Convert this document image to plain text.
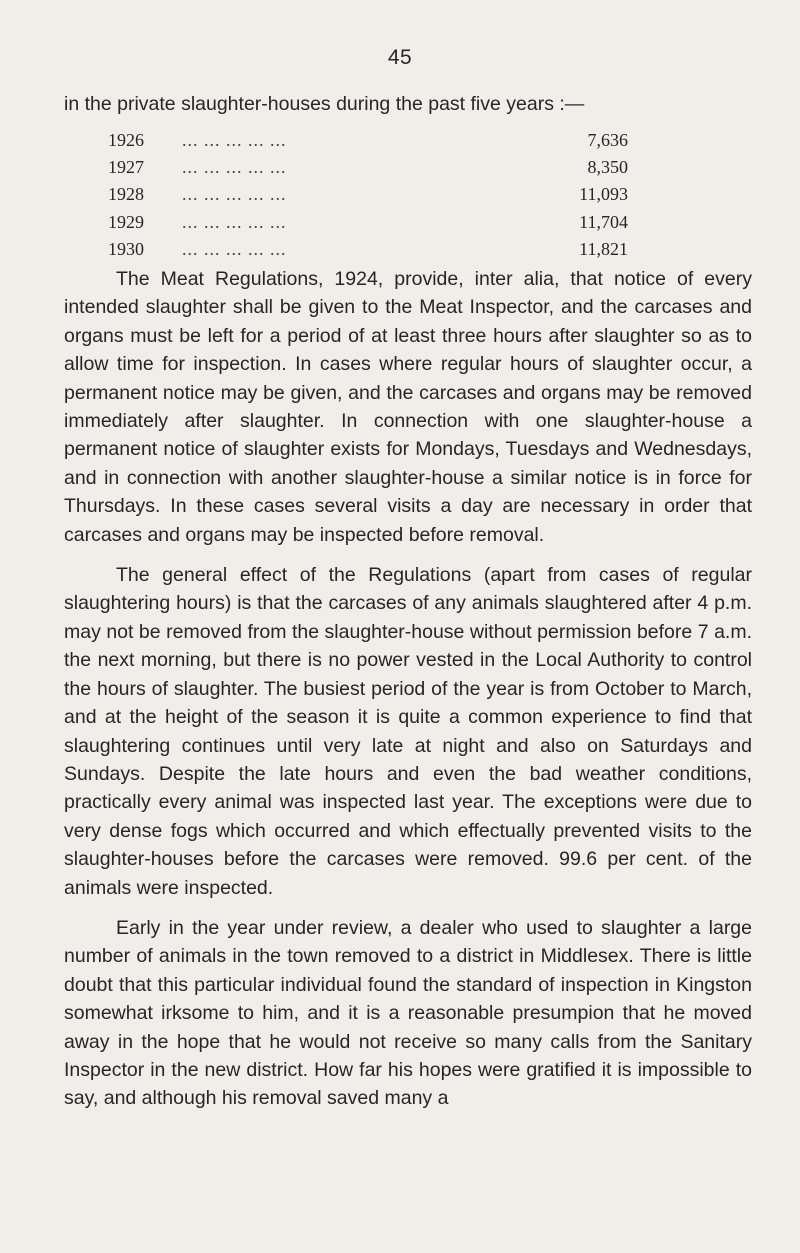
45
in the private slaughter-houses during the past five years :—
1926	... ... ... ... ...	7,636
1927	... ... ... ... ...	8,350
1928	... ... ... ... ...	11,093
1929	... ... ... ... ...	11,704
1930	... ... ... ... ...	11,821

The Meat Regulations, 1924, provide, inter alia, that notice of every intended slaughter shall be given to the Meat Inspector, and the carcases and organs must be left for a period of at least three hours after slaughter so as to allow time for inspection. In cases where regular hours of slaughter occur, a permanent notice may be given, and the carcases and organs may be removed immediately after slaughter. In connection with one slaughter-house a permanent notice of slaughter exists for Mondays, Tuesdays and Wednesdays, and in connection with another slaughter-house a similar notice is in force for Thursdays. In these cases several visits a day are necessary in order that carcases and organs may be inspected before removal.

The general effect of the Regulations (apart from cases of regular slaughtering hours) is that the carcases of any animals slaughtered after 4 p.m. may not be removed from the slaughter-house without permission before 7 a.m. the next morning, but there is no power vested in the Local Authority to control the hours of slaughter. The busiest period of the year is from October to March, and at the height of the season it is quite a common experience to find that slaughtering continues until very late at night and also on Saturdays and Sundays. Despite the late hours and even the bad weather conditions, practically every animal was inspected last year. The exceptions were due to very dense fogs which occurred and which effectually prevented visits to the slaughter-houses before the carcases were removed. 99.6 per cent. of the animals were inspected.

Early in the year under review, a dealer who used to slaughter a large number of animals in the town removed to a district in Middlesex. There is little doubt that this particular individual found the standard of inspection in Kingston somewhat irksome to him, and it is a reasonable presumpion that he moved away in the hope that he would not receive so many calls from the Sanitary Inspector in the new district. How far his hopes were gratified it is impossible to say, and although his removal saved many a
